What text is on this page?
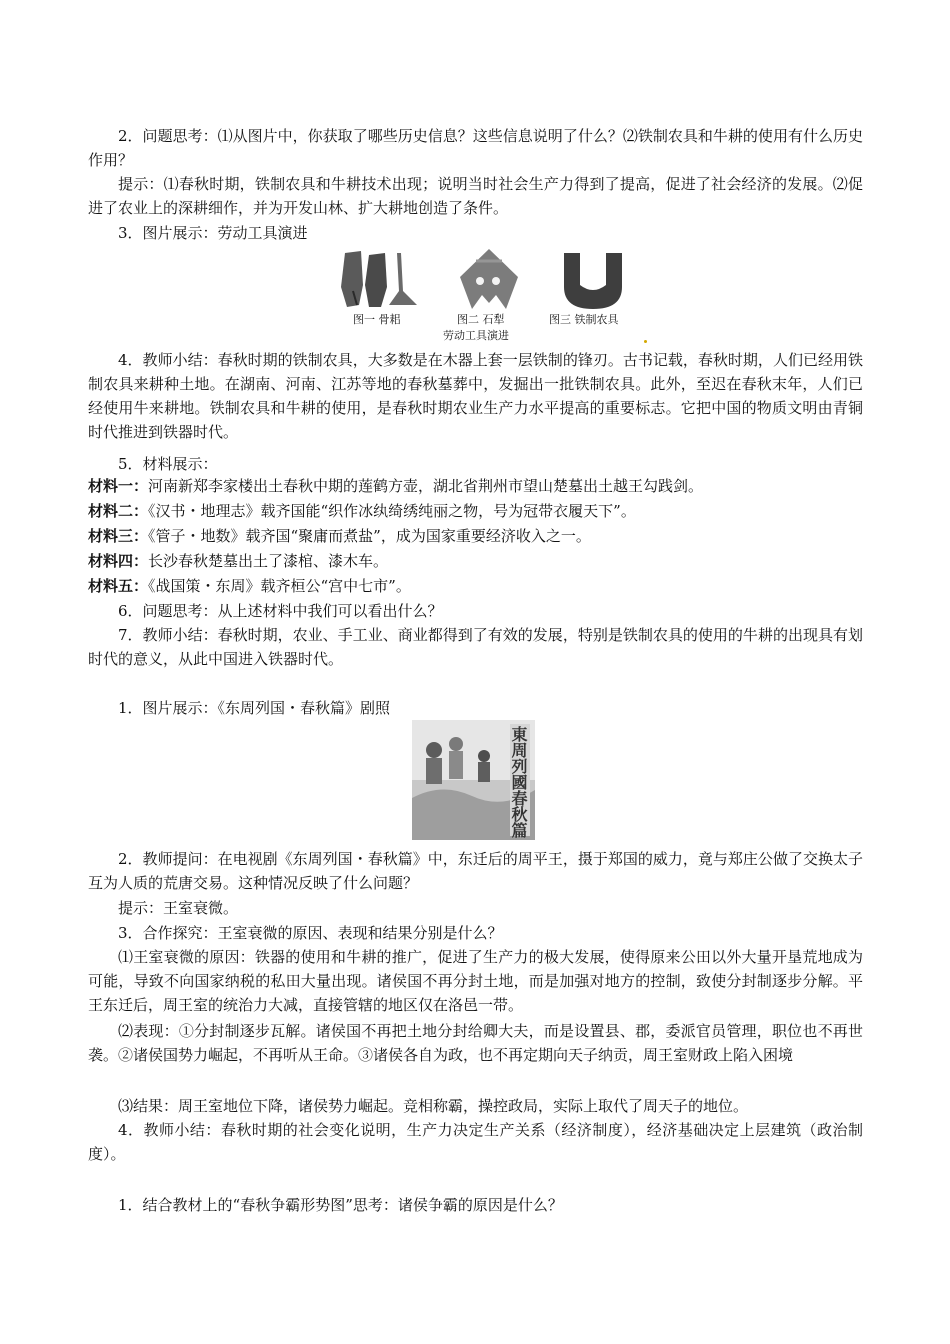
2．问题思考：⑴从图片中，你获取了哪些历史信息？这些信息说明了什么？⑵铁制农具和牛耕的使用有什么历史作用？

提示：⑴春秋时期，铁制农具和牛耕技术出现；说明当时社会生产力得到了提高，促进了社会经济的发展。⑵促进了农业上的深耕细作，并为开发山林、扩大耕地创造了条件。

3．图片展示：劳动工具演进

图一 骨耜	图二 石犁	图三 铁制农具
劳动工具演进

4．教师小结：春秋时期的铁制农具，大多数是在木器上套一层铁制的锋刃。古书记载，春秋时期，人们已经用铁制农具来耕种土地。在湖南、河南、江苏等地的春秋墓葬中，发掘出一批铁制农具。此外，至迟在春秋末年，人们已经使用牛来耕地。铁制农具和牛耕的使用，是春秋时期农业生产力水平提高的重要标志。它把中国的物质文明由青铜时代推进到铁器时代。

5．材料展示：

材料一：河南新郑李家楼出土春秋中期的莲鹤方壶，湖北省荆州市望山楚墓出土越王勾践剑。

材料二：《汉书・地理志》载齐国能“织作冰纨绮绣纯丽之物，号为冠带衣履天下”。

材料三：《管子・地数》载齐国“聚庸而煮盐”，成为国家重要经济收入之一。

材料四：长沙春秋楚墓出土了漆棺、漆木车。

材料五：《战国策・东周》载齐桓公“宫中七市”。

6．问题思考：从上述材料中我们可以看出什么？

7．教师小结：春秋时期，农业、手工业、商业都得到了有效的发展，特别是铁制农具的使用的牛耕的出现具有划时代的意义，从此中国进入铁器时代。

1．图片展示：《东周列国・春秋篇》剧照

東周列國春秋篇

2．教师提问：在电视剧《东周列国・春秋篇》中，东迁后的周平王，摄于郑国的威力，竟与郑庄公做了交换太子互为人质的荒唐交易。这种情况反映了什么问题？

提示：王室衰微。

3．合作探究：王室衰微的原因、表现和结果分别是什么？

⑴王室衰微的原因：铁器的使用和牛耕的推广，促进了生产力的极大发展，使得原来公田以外大量开垦荒地成为可能，导致不向国家纳税的私田大量出现。诸侯国不再分封土地，而是加强对地方的控制，致使分封制逐步分解。平王东迁后，周王室的统治力大减，直接管辖的地区仅在洛邑一带。

⑵表现：①分封制逐步瓦解。诸侯国不再把土地分封给卿大夫，而是设置县、郡，委派官员管理，职位也不再世袭。②诸侯国势力崛起，不再听从王命。③诸侯各自为政，也不再定期向天子纳贡，周王室财政上陷入困境

⑶结果：周王室地位下降，诸侯势力崛起。竞相称霸，操控政局，实际上取代了周天子的地位。

4．教师小结：春秋时期的社会变化说明，生产力决定生产关系（经济制度），经济基础决定上层建筑（政治制度）。

1．结合教材上的“春秋争霸形势图”思考：诸侯争霸的原因是什么？
